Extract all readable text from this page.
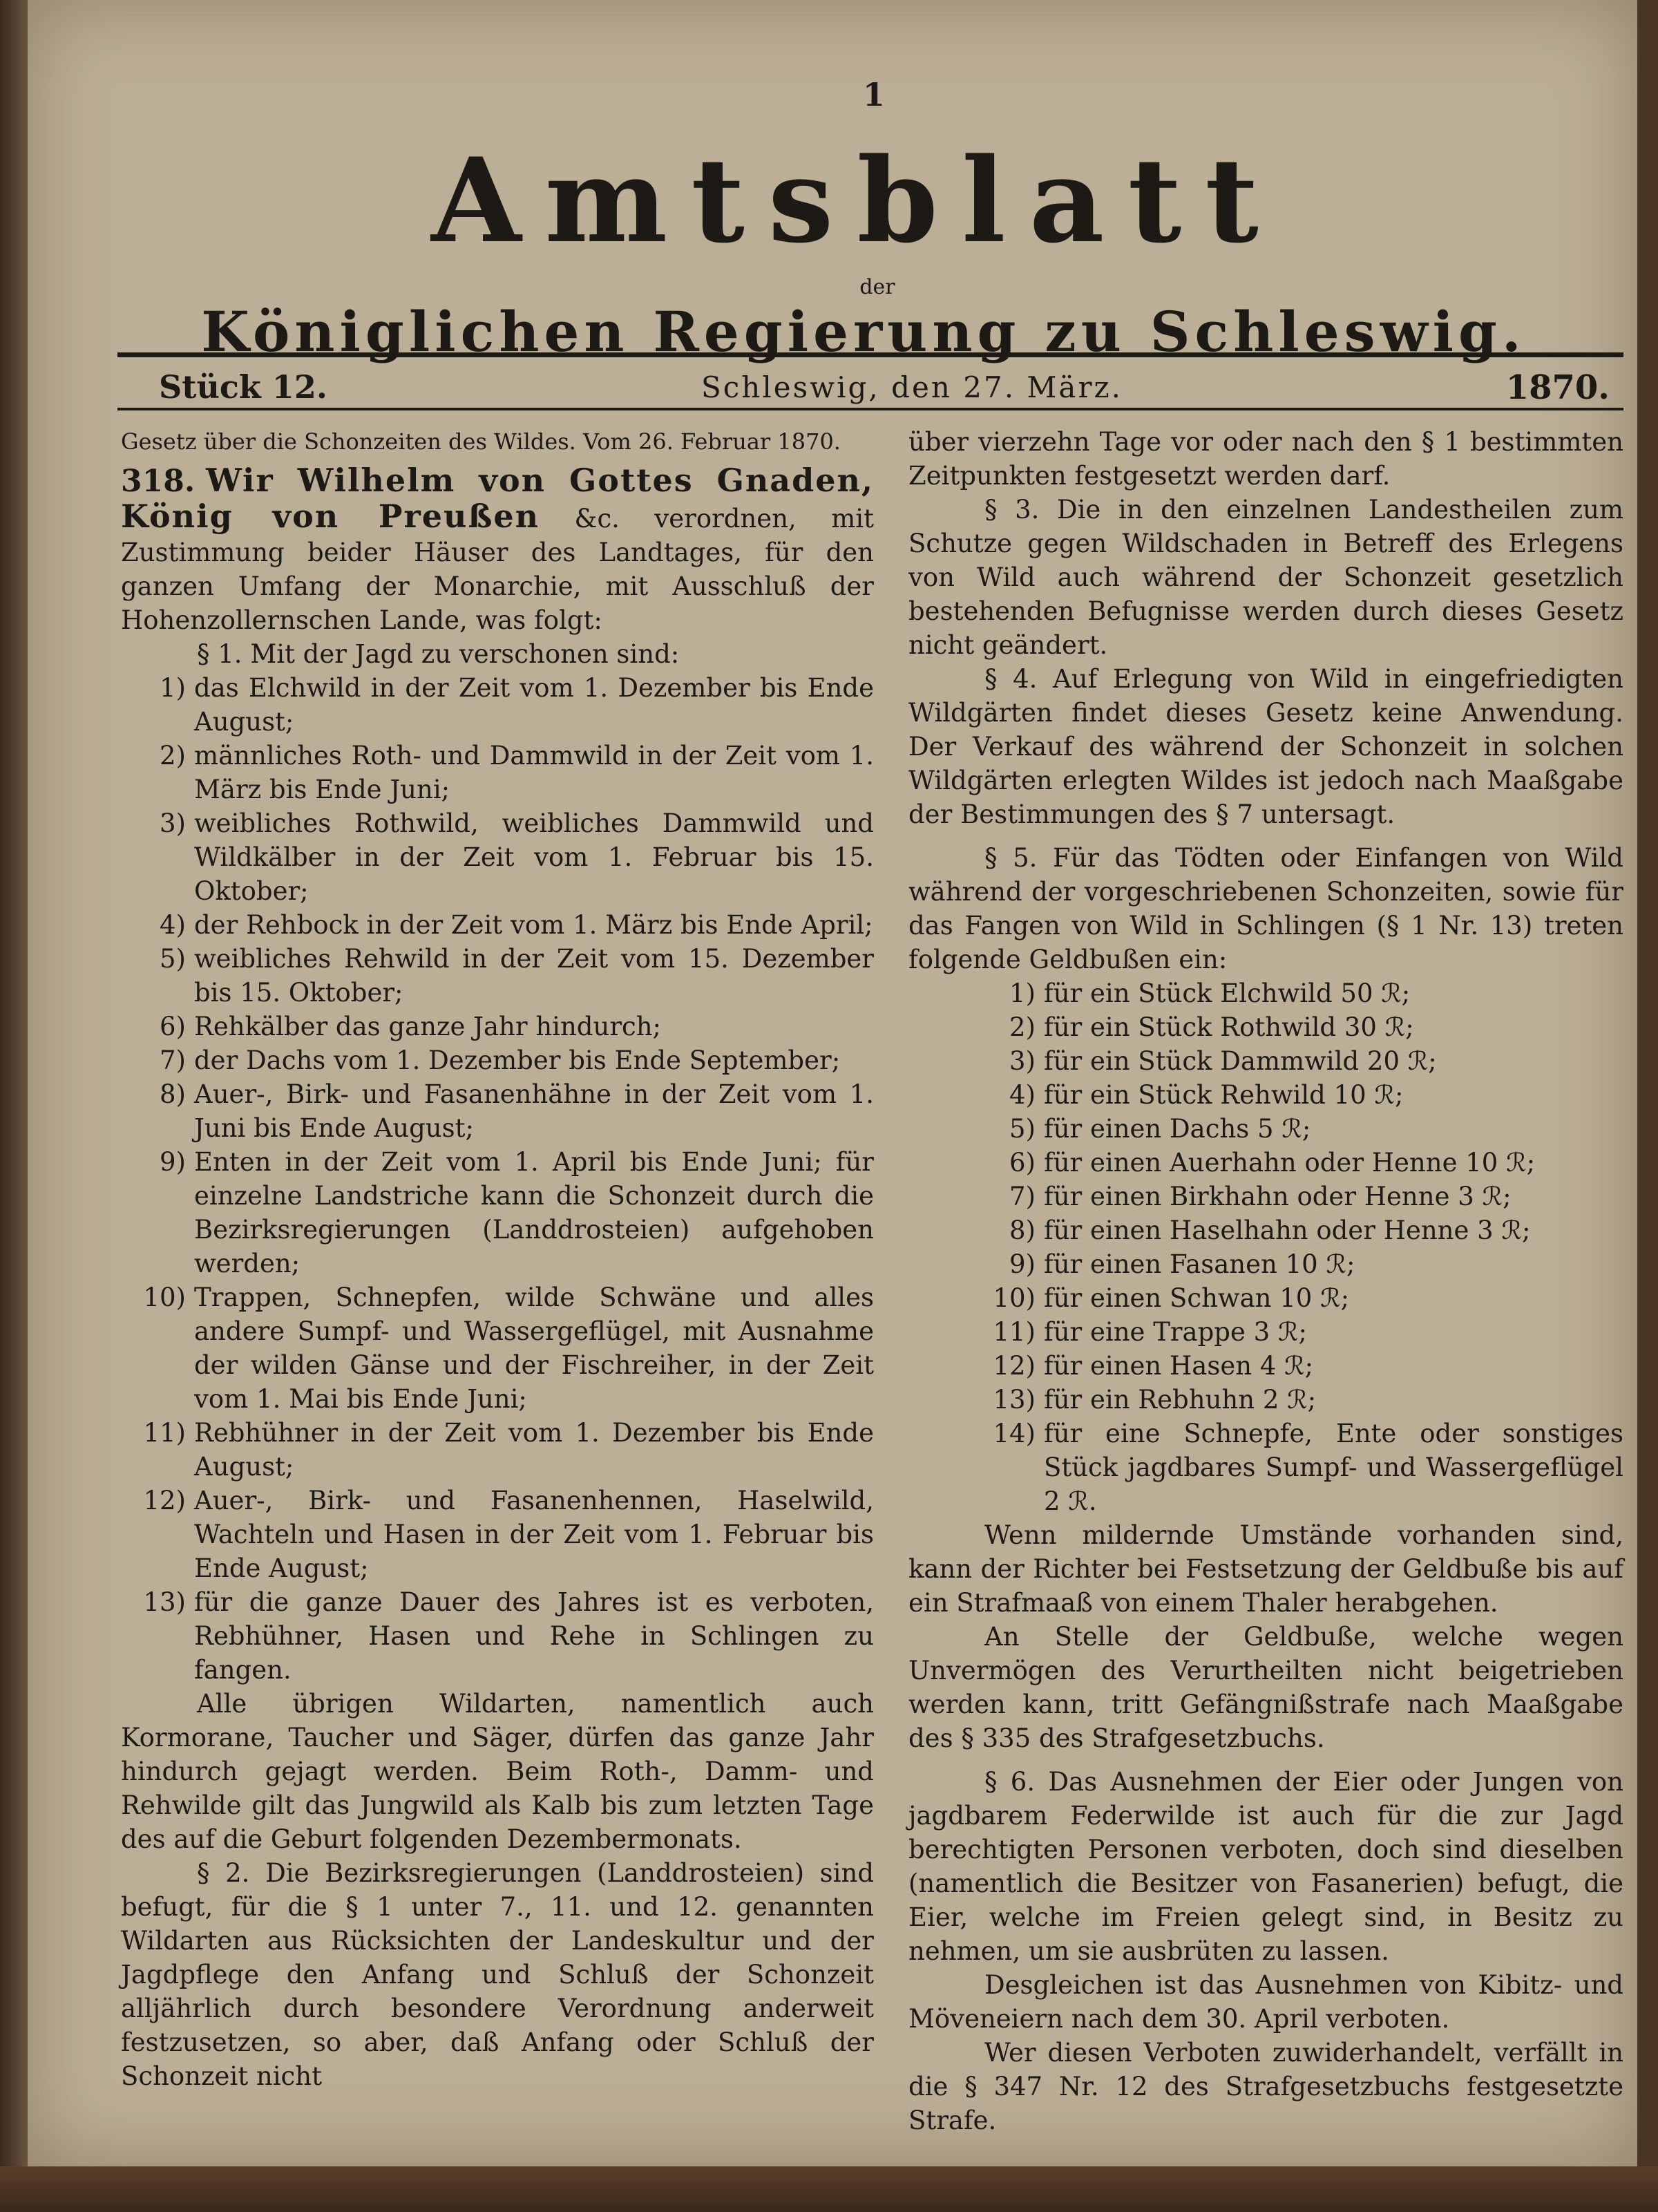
1
Amtsblatt
der
Königlichen Regierung zu Schleswig.
Stück 12.	Schleswig, den 27. März.	1870.

Gesetz über die Schonzeiten des Wildes. Vom 26. Februar 1870.

318. Wir Wilhelm von Gottes Gnaden, König von Preußen &c. verordnen, mit Zustimmung beider Häuser des Landtages, für den ganzen Umfang der Monarchie, mit Ausschluß der Hohenzollernschen Lande, was folgt:

§ 1. Mit der Jagd zu verschonen sind:

1) das Elchwild in der Zeit vom 1. Dezember bis Ende August;
2) männliches Roth- und Dammwild in der Zeit vom 1. März bis Ende Juni;
3) weibliches Rothwild, weibliches Dammwild und Wildkälber in der Zeit vom 1. Februar bis 15. Oktober;
4) der Rehbock in der Zeit vom 1. März bis Ende April;
5) weibliches Rehwild in der Zeit vom 15. Dezember bis 15. Oktober;
6) Rehkälber das ganze Jahr hindurch;
7) der Dachs vom 1. Dezember bis Ende September;
8) Auer-, Birk- und Fasanenhähne in der Zeit vom 1. Juni bis Ende August;
9) Enten in der Zeit vom 1. April bis Ende Juni; für einzelne Landstriche kann die Schonzeit durch die Bezirksregierungen (Landdrosteien) aufgehoben werden;
10) Trappen, Schnepfen, wilde Schwäne und alles andere Sumpf- und Wassergeflügel, mit Ausnahme der wilden Gänse und der Fischreiher, in der Zeit vom 1. Mai bis Ende Juni;
11) Rebhühner in der Zeit vom 1. Dezember bis Ende August;
12) Auer-, Birk- und Fasanenhennen, Haselwild, Wachteln und Hasen in der Zeit vom 1. Februar bis Ende August;
13) für die ganze Dauer des Jahres ist es verboten, Rebhühner, Hasen und Rehe in Schlingen zu fangen.

Alle übrigen Wildarten, namentlich auch Kormorane, Taucher und Säger, dürfen das ganze Jahr hindurch gejagt werden. Beim Roth-, Damm- und Rehwilde gilt das Jungwild als Kalb bis zum letzten Tage des auf die Geburt folgenden Dezembermonats.

§ 2. Die Bezirksregierungen (Landdrosteien) sind befugt, für die § 1 unter 7., 11. und 12. genannten Wildarten aus Rücksichten der Landeskultur und der Jagdpflege den Anfang und Schluß der Schonzeit alljährlich durch besondere Verordnung anderweit festzusetzen, so aber, daß Anfang oder Schluß der Schonzeit nicht

über vierzehn Tage vor oder nach den § 1 bestimmten Zeitpunkten festgesetzt werden darf.

§ 3. Die in den einzelnen Landestheilen zum Schutze gegen Wildschaden in Betreff des Erlegens von Wild auch während der Schonzeit gesetzlich bestehenden Befugnisse werden durch dieses Gesetz nicht geändert.

§ 4. Auf Erlegung von Wild in eingefriedigten Wildgärten findet dieses Gesetz keine Anwendung. Der Verkauf des während der Schonzeit in solchen Wildgärten erlegten Wildes ist jedoch nach Maaßgabe der Bestimmungen des § 7 untersagt.

§ 5. Für das Tödten oder Einfangen von Wild während der vorgeschriebenen Schonzeiten, sowie für das Fangen von Wild in Schlingen (§ 1 Nr. 13) treten folgende Geldbußen ein:

1) für ein Stück Elchwild 50 ℛ;
2) für ein Stück Rothwild 30 ℛ;
3) für ein Stück Dammwild 20 ℛ;
4) für ein Stück Rehwild 10 ℛ;
5) für einen Dachs 5 ℛ;
6) für einen Auerhahn oder Henne 10 ℛ;
7) für einen Birkhahn oder Henne 3 ℛ;
8) für einen Haselhahn oder Henne 3 ℛ;
9) für einen Fasanen 10 ℛ;
10) für einen Schwan 10 ℛ;
11) für eine Trappe 3 ℛ;
12) für einen Hasen 4 ℛ;
13) für ein Rebhuhn 2 ℛ;
14) für eine Schnepfe, Ente oder sonstiges Stück jagdbares Sumpf- und Wassergeflügel 2 ℛ.

Wenn mildernde Umstände vorhanden sind, kann der Richter bei Festsetzung der Geldbuße bis auf ein Strafmaaß von einem Thaler herabgehen.

An Stelle der Geldbuße, welche wegen Unvermögen des Verurtheilten nicht beigetrieben werden kann, tritt Gefängnißstrafe nach Maaßgabe des § 335 des Strafgesetzbuchs.

§ 6. Das Ausnehmen der Eier oder Jungen von jagdbarem Federwilde ist auch für die zur Jagd berechtigten Personen verboten, doch sind dieselben (namentlich die Besitzer von Fasanerien) befugt, die Eier, welche im Freien gelegt sind, in Besitz zu nehmen, um sie ausbrüten zu lassen.

Desgleichen ist das Ausnehmen von Kibitz- und Möveneiern nach dem 30. April verboten.

Wer diesen Verboten zuwiderhandelt, verfällt in die § 347 Nr. 12 des Strafgesetzbuchs festgesetzte Strafe.
